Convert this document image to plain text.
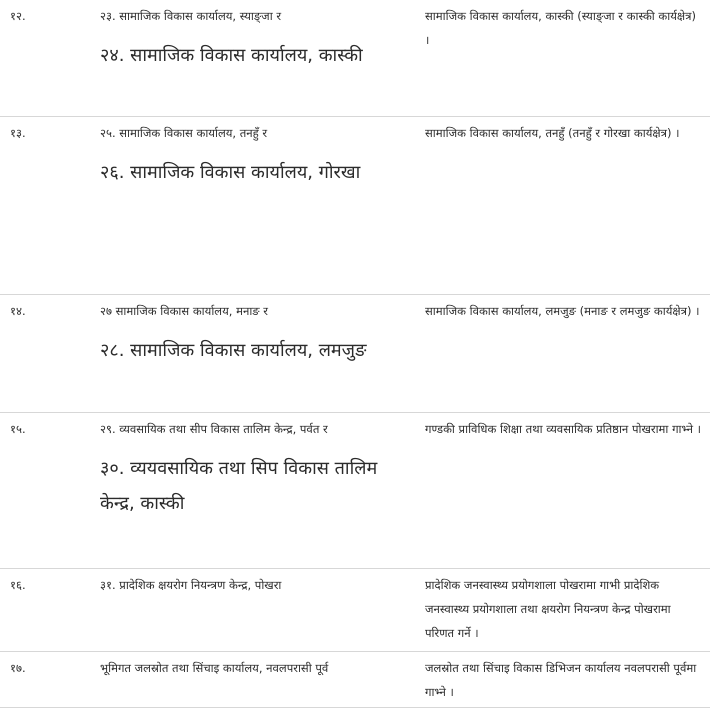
१२.	२३. सामाजिक विकास कार्यालय, स्याङ्जा र
२४. सामाजिक विकास कार्यालय, कास्की	सामाजिक विकास कार्यालय, कास्की (स्याङ्जा र कास्की कार्यक्षेत्र) ।

१३.	२५. सामाजिक विकास कार्यालय, तनहुँ र
२६. सामाजिक विकास कार्यालय, गोरखा	सामाजिक विकास कार्यालय, तनहुँ (तनहुँ र गोरखा कार्यक्षेत्र) ।

१४.	२७ सामाजिक विकास कार्यालय, मनाङ र
२८. सामाजिक विकास कार्यालय, लमजुङ	सामाजिक विकास कार्यालय, लमजुङ (मनाङ र लमजुङ कार्यक्षेत्र) ।

१५.	२९. व्यवसायिक तथा सीप विकास तालिम केन्द्र, पर्वत र
३०. व्ययवसायिक तथा सिप विकास तालिम केन्द्र, कास्की	गण्डकी प्राविधिक शिक्षा तथा व्यवसायिक प्रतिष्ठान पोखरामा गाभ्ने ।

१६.	३१. प्रादेशिक क्षयरोग नियन्त्रण केन्द्र, पोखरा	प्रादेशिक जनस्वास्थ्य प्रयोगशाला पोखरामा गाभी प्रादेशिक जनस्वास्थ्य प्रयोगशाला तथा क्षयरोग नियन्त्रण केन्द्र पोखरामा परिणत गर्ने ।

१७.	भूमिगत जलस्रोत तथा सिंचाइ कार्यालय, नवलपरासी पूर्व	जलस्रोत तथा सिंचाइ विकास डिभिजन कार्यालय नवलपरासी पूर्वमा गाभ्ने ।
